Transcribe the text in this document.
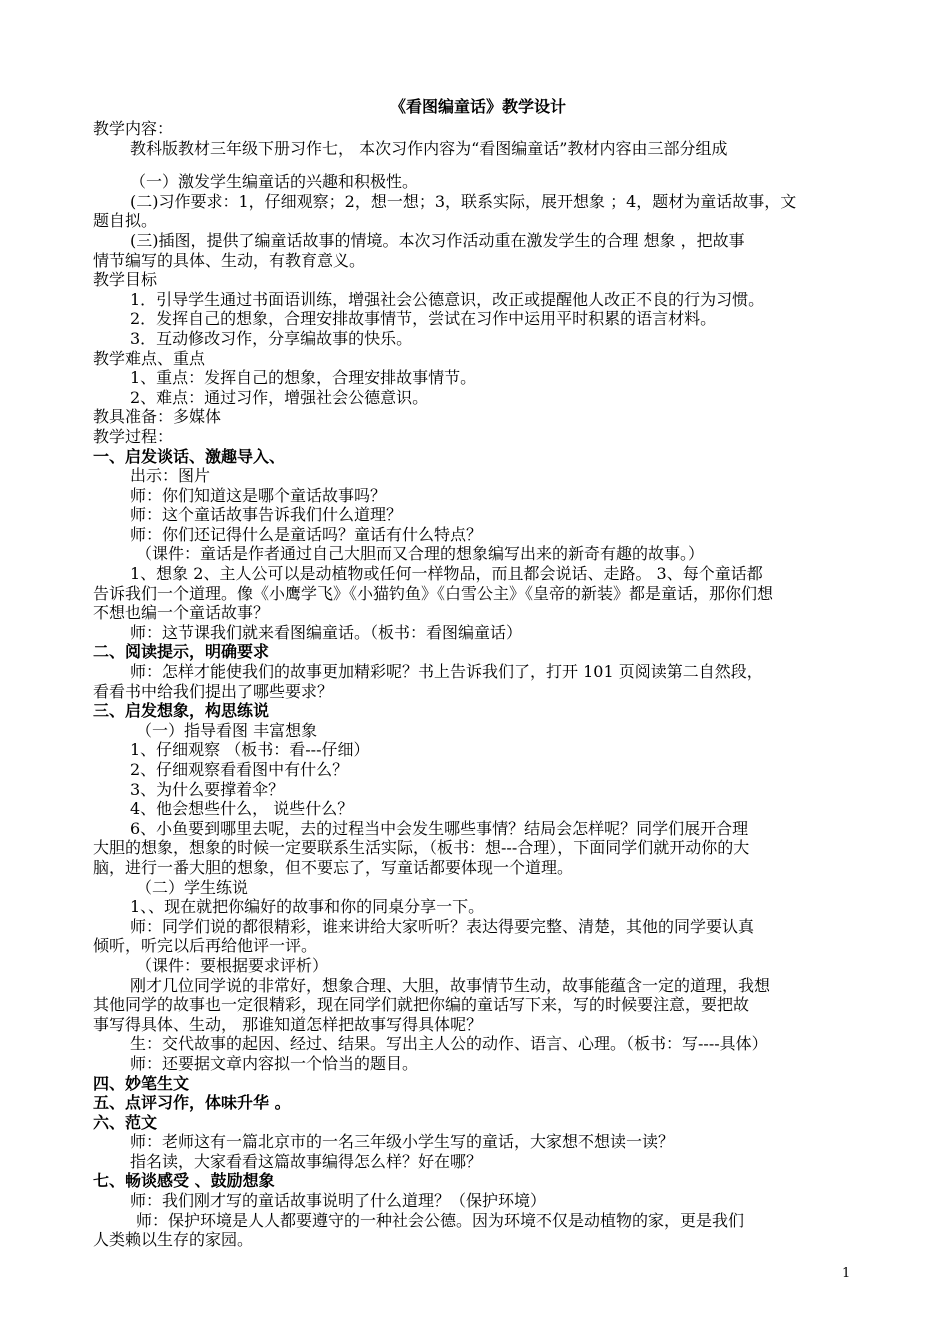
《看图编童话》教学设计
教学内容：
教科版教材三年级下册习作七， 本次习作内容为“看图编童话”教材内容由三部分组成
（一）激发学生编童话的兴趣和积极性。
(二)习作要求：1，仔细观察；2，想一想；3，联系实际，展开想象 ；4，题材为童话故事，文
题自拟。
(三)插图，提供了编童话故事的情境。本次习作活动重在激发学生的合理 想象 ，把故事
情节编写的具体、生动，有教育意义。
教学目标
1．引导学生通过书面语训练，增强社会公德意识，改正或提醒他人改正不良的行为习惯。
2．发挥自己的想象，合理安排故事情节，尝试在习作中运用平时积累的语言材料。
3．互动修改习作，分享编故事的快乐。
教学难点、重点
1、重点：发挥自己的想象，合理安排故事情节。
2、难点：通过习作，增强社会公德意识。
教具准备：多媒体
教学过程：
一、启发谈话、激趣导入、
出示：图片
师：你们知道这是哪个童话故事吗？
师：这个童话故事告诉我们什么道理？
师：你们还记得什么是童话吗？童话有什么特点？
（课件：童话是作者通过自己大胆而又合理的想象编写出来的新奇有趣的故事。）
1、想象 2、主人公可以是动植物或任何一样物品，而且都会说话、走路。 3、每个童话都
告诉我们一个道理。像《小鹰学飞》《小猫钓鱼》《白雪公主》《皇帝的新装》都是童话，那你们想
不想也编一个童话故事？
师：这节课我们就来看图编童话。（板书：看图编童话）
二、阅读提示，明确要求
师：怎样才能使我们的故事更加精彩呢？书上告诉我们了，打开 101 页阅读第二自然段，
看看书中给我们提出了哪些要求？
三、启发想象，构思练说
（一）指导看图 丰富想象
1、仔细观察 （板书：看---仔细）
2、仔细观察看看图中有什么？
3、为什么要撑着伞？
4、他会想些什么， 说些什么？
6、小鱼要到哪里去呢，去的过程当中会发生哪些事情？结局会怎样呢？同学们展开合理
大胆的想象，想象的时候一定要联系生活实际，（板书：想---合理），下面同学们就开动你的大
脑，进行一番大胆的想象，但不要忘了，写童话都要体现一个道理。
（二）学生练说
1、、现在就把你编好的故事和你的同桌分享一下。
师：同学们说的都很精彩，谁来讲给大家听听？表达得要完整、清楚，其他的同学要认真
倾听，听完以后再给他评一评。
（课件：要根据要求评析）
刚才几位同学说的非常好，想象合理、大胆，故事情节生动，故事能蕴含一定的道理，我想
其他同学的故事也一定很精彩，现在同学们就把你编的童话写下来，写的时候要注意，要把故
事写得具体、生动， 那谁知道怎样把故事写得具体呢？
生：交代故事的起因、经过、结果。写出主人公的动作、语言、心理。（板书：写----具体）
师：还要据文章内容拟一个恰当的题目。
四、妙笔生文
五、点评习作，体味升华 。
六、范文
师：老师这有一篇北京市的一名三年级小学生写的童话，大家想不想读一读？
指名读，大家看看这篇故事编得怎么样？好在哪？
七、畅谈感受 、鼓励想象
师：我们刚才写的童话故事说明了什么道理？（保护环境）
师：保护环境是人人都要遵守的一种社会公德。因为环境不仅是动植物的家，更是我们
人类赖以生存的家园。
1
